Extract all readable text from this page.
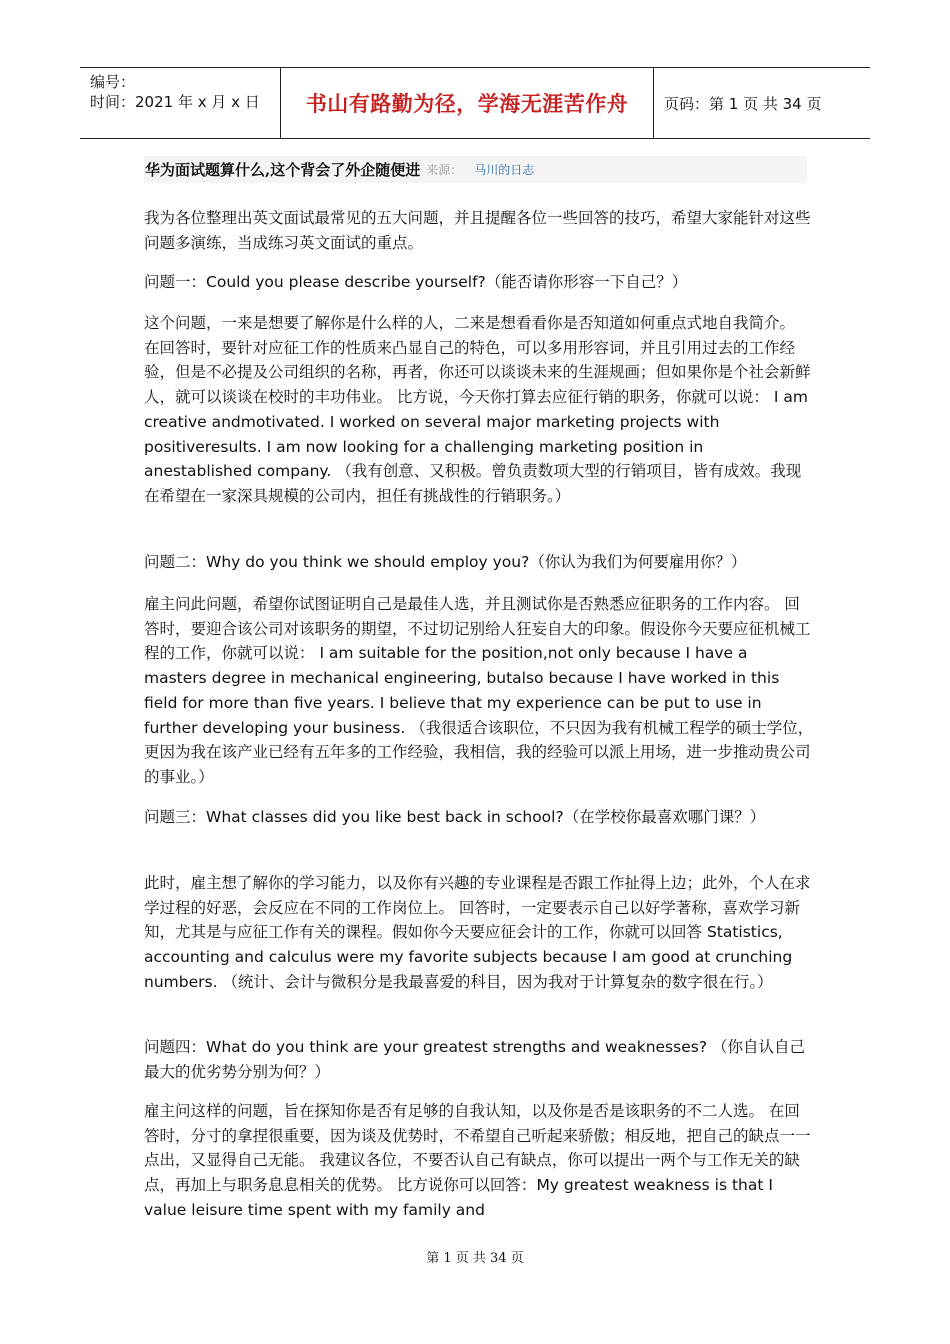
编号：
时间：2021 年 x 月 x 日	书山有路勤为径，学海无涯苦作舟	页码：第 1 页 共 34 页
华为面试题算什么,这个背会了外企随便进 来源： 马川的日志

我为各位整理出英文面试最常见的五大问题，并且提醒各位一些回答的技巧，希望大家能针对这些问题多演练，当成练习英文面试的重点。

问题一：Could you please describe yourself?（能否请你形容一下自己？）

这个问题，一来是想要了解你是什么样的人，二来是想看看你是否知道如何重点式地自我简介。 在回答时，要针对应征工作的性质来凸显自己的特色，可以多用形容词，并且引用过去的工作经验，但是不必提及公司组织的名称，再者，你还可以谈谈未来的生涯规画；但如果你是个社会新鲜人，就可以谈谈在校时的丰功伟业。 比方说，今天你打算去应征行销的职务，你就可以说： I am creative andmotivated. I worked on several major marketing projects with positiveresults. I am now looking for a challenging marketing position in anestablished company. （我有创意、又积极。曾负责数项大型的行销项目，皆有成效。我现在希望在一家深具规模的公司内，担任有挑战性的行销职务。）

问题二：Why do you think we should employ you?（你认为我们为何要雇用你？）

雇主问此问题，希望你试图证明自己是最佳人选，并且测试你是否熟悉应征职务的工作内容。 回答时，要迎合该公司对该职务的期望，不过切记别给人狂妄自大的印象。假设你今天要应征机械工程的工作，你就可以说： I am suitable for the position,not only because I have a masters degree in mechanical engineering, butalso because I have worked in this field for more than five years. I believe that my experience can be put to use in further developing your business. （我很适合该职位，不只因为我有机械工程学的硕士学位，更因为我在该产业已经有五年多的工作经验，我相信，我的经验可以派上用场，进一步推动贵公司的事业。）

问题三：What classes did you like best back in school?（在学校你最喜欢哪门课？）

此时，雇主想了解你的学习能力，以及你有兴趣的专业课程是否跟工作扯得上边；此外，个人在求学过程的好恶，会反应在不同的工作岗位上。 回答时，一定要表示自己以好学著称，喜欢学习新知，尤其是与应征工作有关的课程。假如你今天要应征会计的工作，你就可以回答 Statistics, accounting and calculus were my favorite subjects because I am good at crunching numbers. （统计、会计与微积分是我最喜爱的科目，因为我对于计算复杂的数字很在行。）

问题四：What do you think are your greatest strengths and weaknesses? （你自认自己最大的优劣势分别为何？）

雇主问这样的问题，旨在探知你是否有足够的自我认知，以及你是否是该职务的不二人选。 在回答时，分寸的拿捏很重要，因为谈及优势时，不希望自己听起来骄傲；相反地，把自己的缺点一一点出，又显得自己无能。 我建议各位，不要否认自己有缺点，你可以提出一两个与工作无关的缺点，再加上与职务息息相关的优势。 比方说你可以回答：My greatest weakness is that I value leisure time spent with my family and

第 1 页 共 34 页
